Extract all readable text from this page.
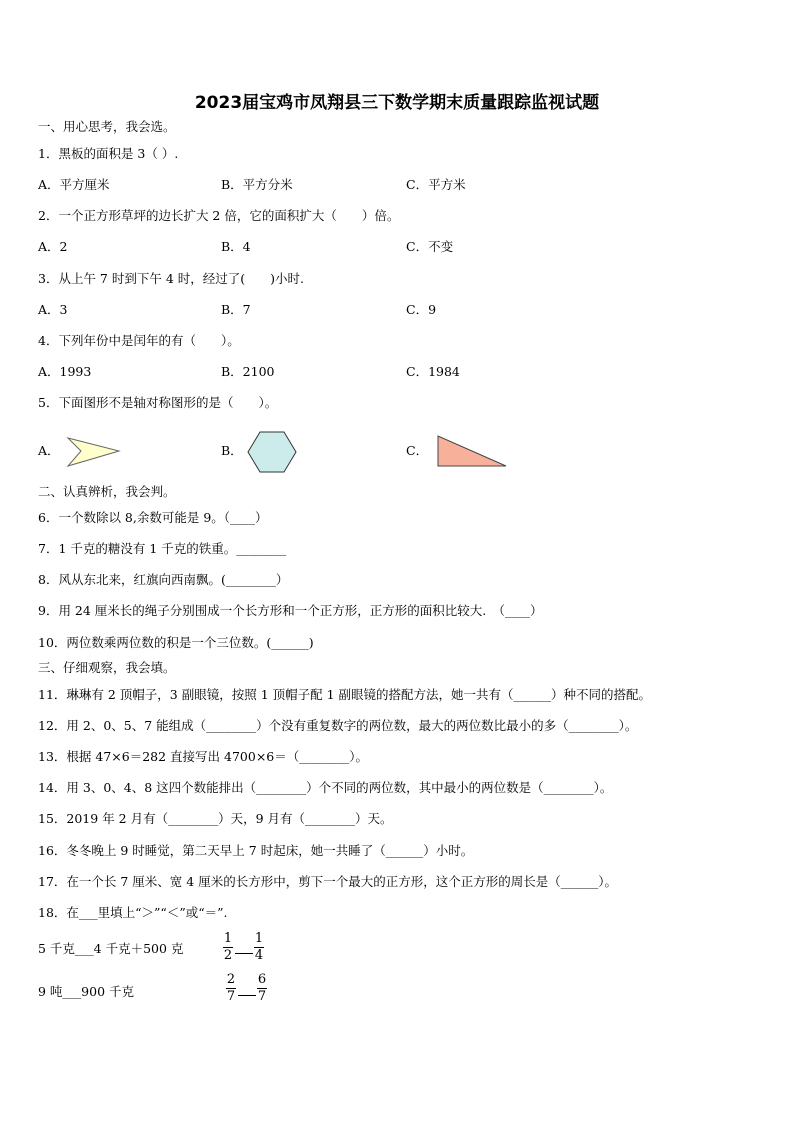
2023届宝鸡市凤翔县三下数学期末质量跟踪监视试题
一、用心思考，我会选。
1．黑板的面积是 3（ ）.
A．平方厘米	B．平方分米	C．平方米
2．一个正方形草坪的边长扩大 2 倍，它的面积扩大（　　）倍。
A．2	B．4	C．不变
3．从上午 7 时到下午 4 时，经过了(　　)小时.
A．3	B．7	C．9
4．下列年份中是闰年的有（　　）。
A．1993	B．2100	C．1984
5．下面图形不是轴对称图形的是（　　）。
A．	B．	C．
二、认真辨析，我会判。
6．一个数除以 8,余数可能是 9。（____）
7．1 千克的糖没有 1 千克的铁重。________
8．风从东北来，红旗向西南飘。(________）
9．用 24 厘米长的绳子分别围成一个长方形和一个正方形，正方形的面积比较大.　（____）
10．两位数乘两位数的积是一个三位数。(______)
三、仔细观察，我会填。
11．琳琳有 2 顶帽子，3 副眼镜，按照 1 顶帽子配 1 副眼镜的搭配方法，她一共有（______）种不同的搭配。
12．用 2、0、5、7 能组成（________）个没有重复数字的两位数，最大的两位数比最小的多（________）。
13．根据 47×6＝282 直接写出 4700×6＝（________）。
14．用 3、0、4、8 这四个数能排出（________）个不同的两位数，其中最小的两位数是（________）。
15．2019 年 2 月有（________）天，9 月有（________）天。
16．冬冬晚上 9 时睡觉，第二天早上 7 时起床，她一共睡了（______）小时。
17．在一个长 7 厘米、宽 4 厘米的长方形中，剪下一个最大的正方形，这个正方形的周长是（______）。
18．在___里填上“＞”“＜”或“＝”.
5 千克___4 千克＋500 克
1
2
1
4
9 吨___900 千克
2
7
6
7
